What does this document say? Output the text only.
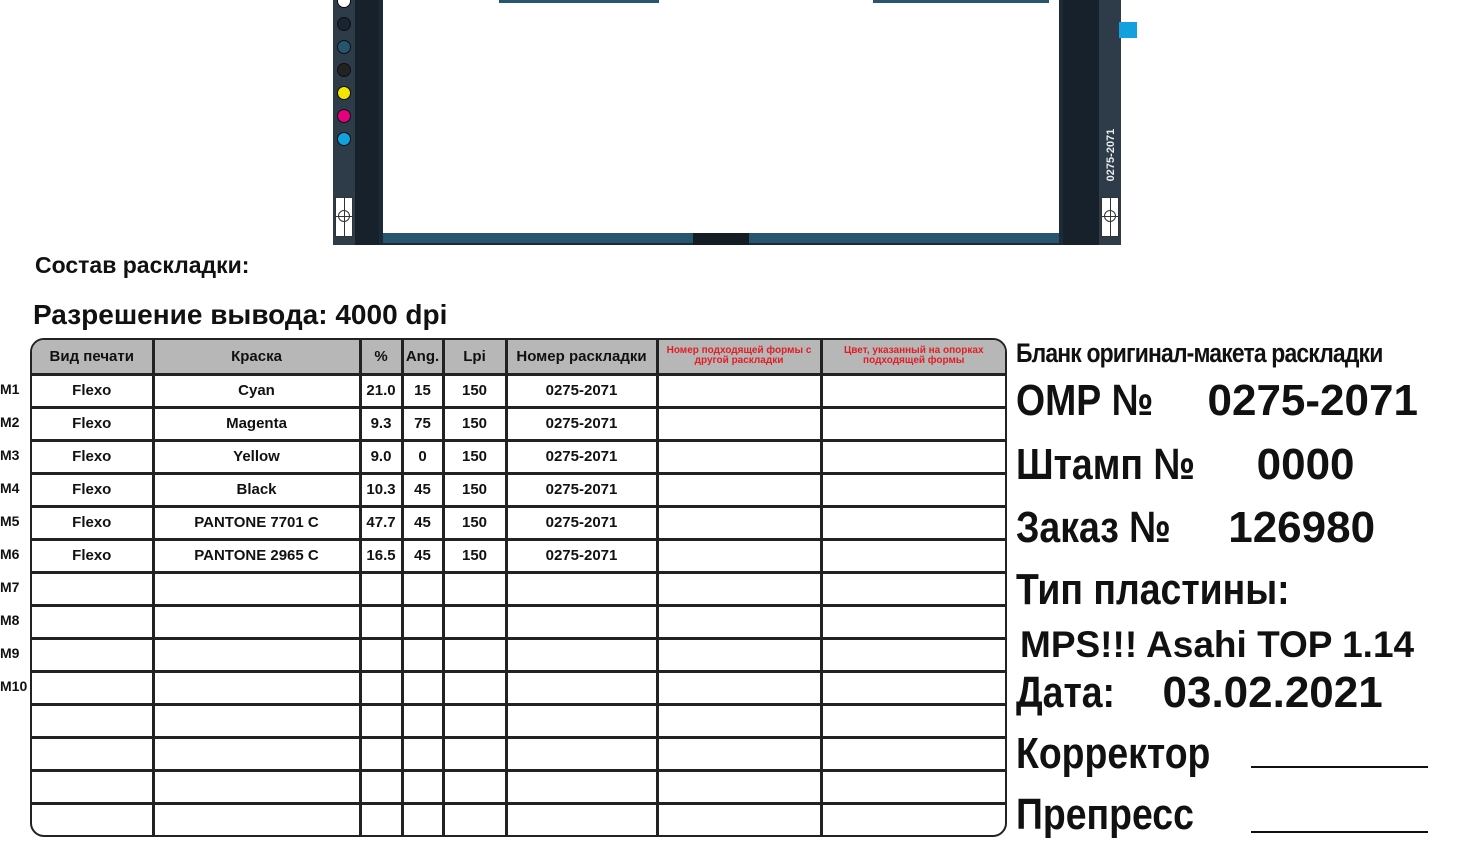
0275-2071
Состав раскладки:
Разрешение вывода: 4000 dpi
M1
M2
M3
M4
M5
M6
M7
M8
M9
M10
Вид печати	Краска	%	Ang.	Lpi	Номер раскладки	Номер подходящей формы с другой раскладки	Цвет, указанный на опорках подходящей формы
Flexo	Cyan	21.0	15	150	0275-2071		
Flexo	Magenta	9.3	75	150	0275-2071		
Flexo	Yellow	9.0	0	150	0275-2071		
Flexo	Black	10.3	45	150	0275-2071		
Flexo	PANTONE 7701 C	47.7	45	150	0275-2071		
Flexo	PANTONE 2965 C	16.5	45	150	0275-2071		

Бланк оригинал-макета раскладки
ОМР № 0275-2071
Штамп № 0000
Заказ № 126980
Тип пластины:
MPS!!! Asahi TOP 1.14
Дата: 03.02.2021
Корректор
Препресс
